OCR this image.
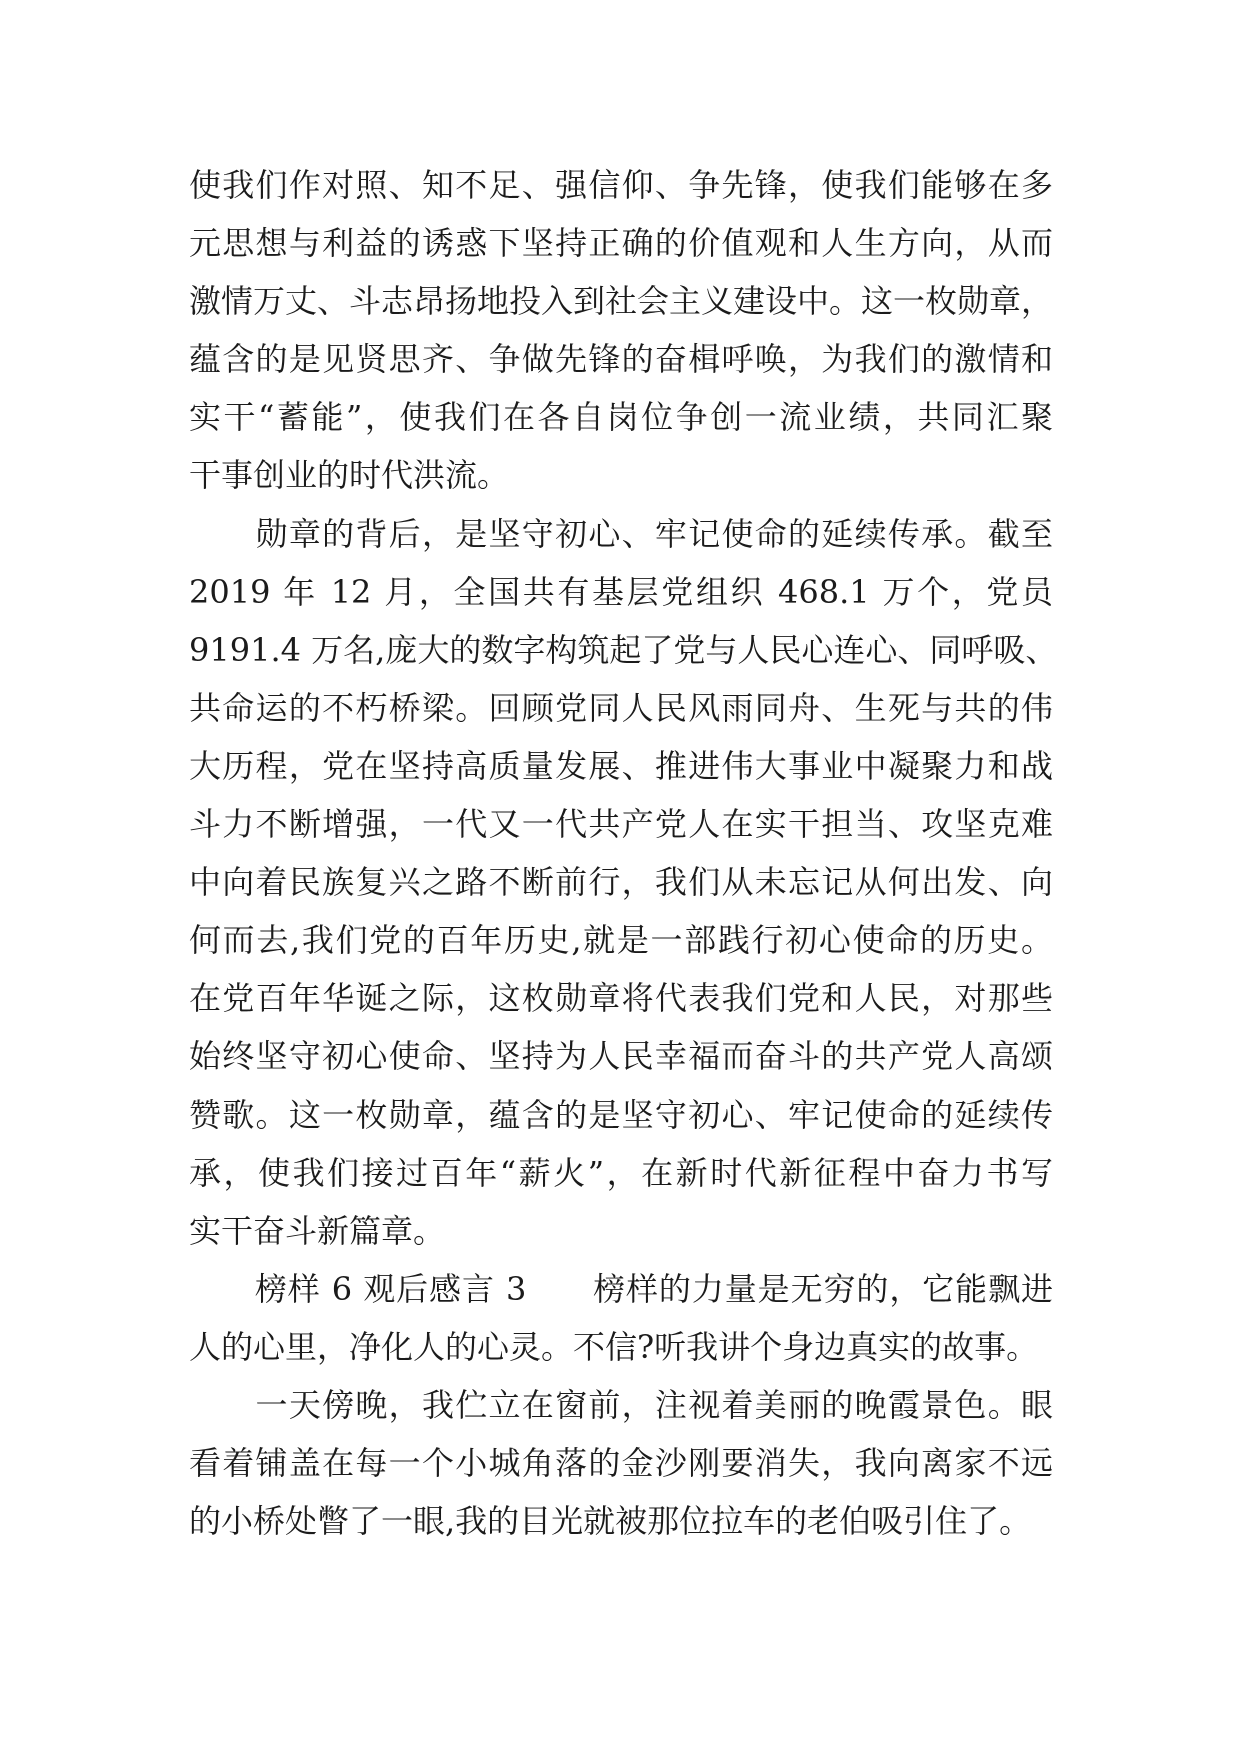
使我们作对照、知不足、强信仰、争先锋，使我们能够在多
元思想与利益的诱惑下坚持正确的价值观和人生方向，从而
激情万丈、斗志昂扬地投入到社会主义建设中。这一枚勋章，
蕴含的是见贤思齐、争做先锋的奋楫呼唤，为我们的激情和
实干“蓄能”，使我们在各自岗位争创一流业绩，共同汇聚
干事创业的时代洪流。
　　勋章的背后，是坚守初心、牢记使命的延续传承。截至
2019 年 12 月，全国共有基层党组织 468.1 万个，党员
9191.4 万名,庞大的数字构筑起了党与人民心连心、同呼吸、
共命运的不朽桥梁。回顾党同人民风雨同舟、生死与共的伟
大历程，党在坚持高质量发展、推进伟大事业中凝聚力和战
斗力不断增强，一代又一代共产党人在实干担当、攻坚克难
中向着民族复兴之路不断前行，我们从未忘记从何出发、向
何而去,我们党的百年历史,就是一部践行初心使命的历史。
在党百年华诞之际，这枚勋章将代表我们党和人民，对那些
始终坚守初心使命、坚持为人民幸福而奋斗的共产党人高颂
赞歌。这一枚勋章，蕴含的是坚守初心、牢记使命的延续传
承，使我们接过百年“薪火”，在新时代新征程中奋力书写
实干奋斗新篇章。
　　榜样 6 观后感言 3　　榜样的力量是无穷的，它能飘进
人的心里，净化人的心灵。不信?听我讲个身边真实的故事。
　　一天傍晚，我伫立在窗前，注视着美丽的晚霞景色。眼
看着铺盖在每一个小城角落的金沙刚要消失，我向离家不远
的小桥处瞥了一眼,我的目光就被那位拉车的老伯吸引住了。
